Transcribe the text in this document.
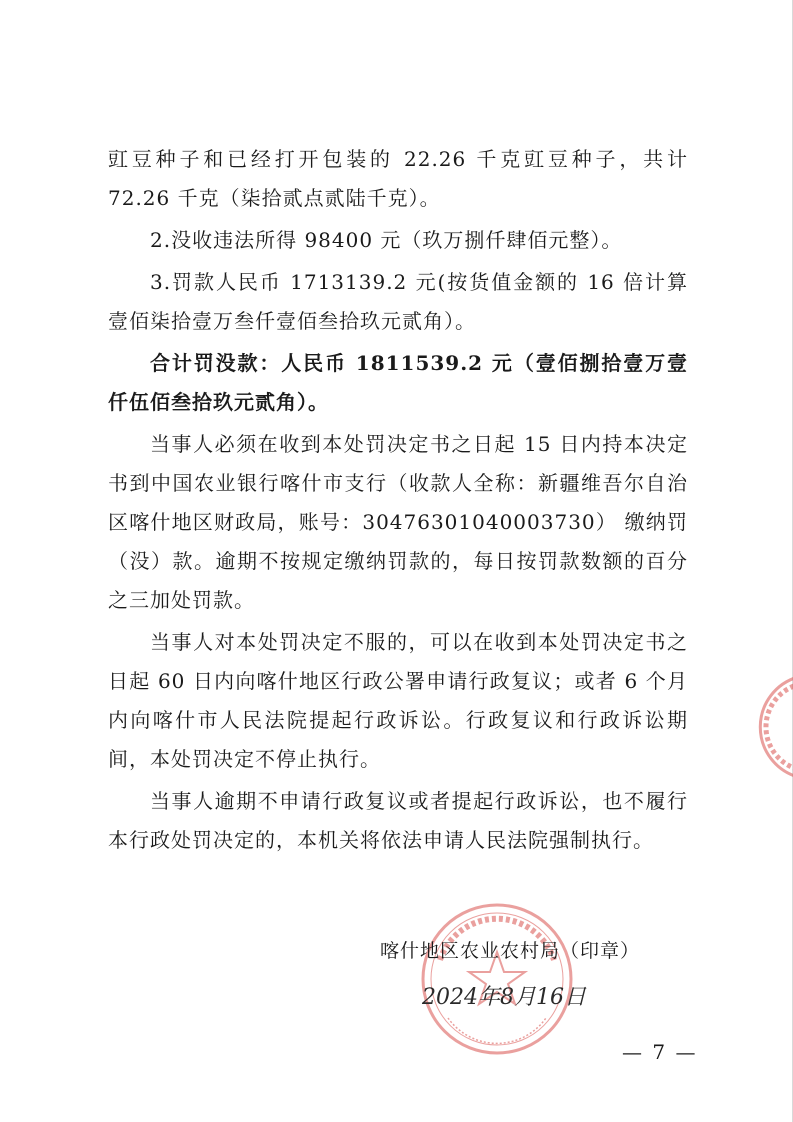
豇豆种子和已经打开包装的 22.26 千克豇豆种子，共计 72.26 千克（柒拾贰点贰陆千克）。

2.没收违法所得 98400 元（玖万捌仟肆佰元整）。

3.罚款人民币 1713139.2 元(按货值金额的 16 倍计算壹佰柒拾壹万叁仟壹佰叁拾玖元贰角）。

合计罚没款：人民币 1811539.2 元（壹佰捌拾壹万壹仟伍佰叁拾玖元贰角）。

当事人必须在收到本处罚决定书之日起 15 日内持本决定书到中国农业银行喀什市支行（收款人全称：新疆维吾尔自治区喀什地区财政局，账号：30476301040003730） 缴纳罚（没）款。逾期不按规定缴纳罚款的，每日按罚款数额的百分之三加处罚款。

当事人对本处罚决定不服的，可以在收到本处罚决定书之日起 60 日内向喀什地区行政公署申请行政复议；或者 6 个月内向喀什市人民法院提起行政诉讼。行政复议和行政诉讼期间，本处罚决定不停止执行。

当事人逾期不申请行政复议或者提起行政诉讼，也不履行本行政处罚决定的，本机关将依法申请人民法院强制执行。

喀什地区农业农村局（印章）
2024年8月16日
— 7 —
